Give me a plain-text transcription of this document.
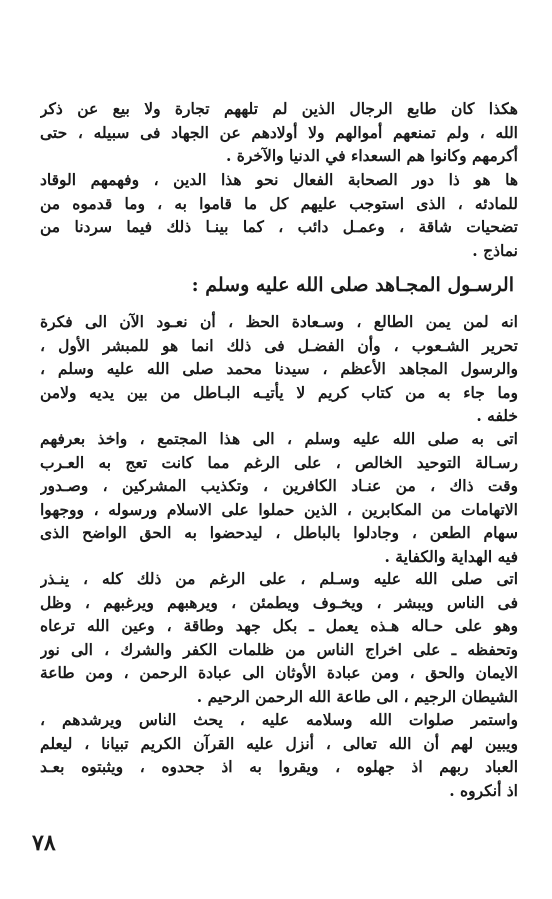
هكذا كان طابع الرجال الذين لم تلههم تجارة ولا بيع عن ذكر
الله ، ولم تمنعهم أموالهم ولا أولادهم عن الجهاد فى سبيله ، حتى
أكرمهم وكانوا هم السعداء في الدنيا والآخرة .
ها هو ذا دور الصحابة الفعال نحو هذا الدين ، وفهمهم الوقاد
للمادئه ، الذى استوجب عليهم كل ما قاموا به ، وما قدموه من
تضحيات شاقة ، وعمـل دائب ، كما بينـا ذلك فيما سردنا من
نماذج .
الرسـول المجـاهد صلى الله عليه وسلم :
انه لمن يمن الطالع ، وسـعادة الحظ ، أن نعـود الآن الى فكرة
تحرير الشـعوب ، وأن الفضـل فى ذلك انما هو للمبشر الأول ،
والرسول المجاهد الأعظم ، سيدنا محمد صلى الله عليه وسلم ،
وما جاء به من كتاب كريم لا يأتيـه البـاطل من بين يديه ولامن
خلفه .
اتى به صلى الله عليه وسلم ، الى هذا المجتمع ، واخذ بعرفهم
رسـالة التوحيد الخالص ، على الرغم مما كانت تعج به العـرب
وقت ذاك ، من عنـاد الكافرين ، وتكذيب المشركين ، وصـدور
الاتهامات من المكابرين ، الذين حملوا على الاسلام ورسوله ، ووجهوا
سهام الطعن ، وجادلوا بالباطل ، ليدحضوا به الحق الواضح الذى
فيه الهداية والكفاية .
اتى صلى الله عليه وسـلم ، على الرغم من ذلك كله ، ينـذر
فى الناس ويبشر ، ويخـوف ويطمئن ، ويرهبهم ويرغبهم ، وظل
وهو على حـاله هـذه يعمل ـ بكل جهد وطاقة ، وعين الله ترعاه
وتحفظه ـ على اخراج الناس من ظلمات الكفر والشرك ، الى نور
الايمان والحق ، ومن عبادة الأوثان الى عبادة الرحمن ، ومن طاعة
الشيطان الرجيم ، الى طاعة الله الرحمن الرحيم .
واستمر صلوات الله وسلامه عليه ، يحث الناس ويرشدهم ،
ويبين لهم أن الله تعالى ، أنزل عليه القرآن الكريم تبيانا ، ليعلم
العباد ربهم اذ جهلوه ، ويقروا به اذ جحدوه ، ويثبتوه بعـد
اذ أنكروه .
٧٨
